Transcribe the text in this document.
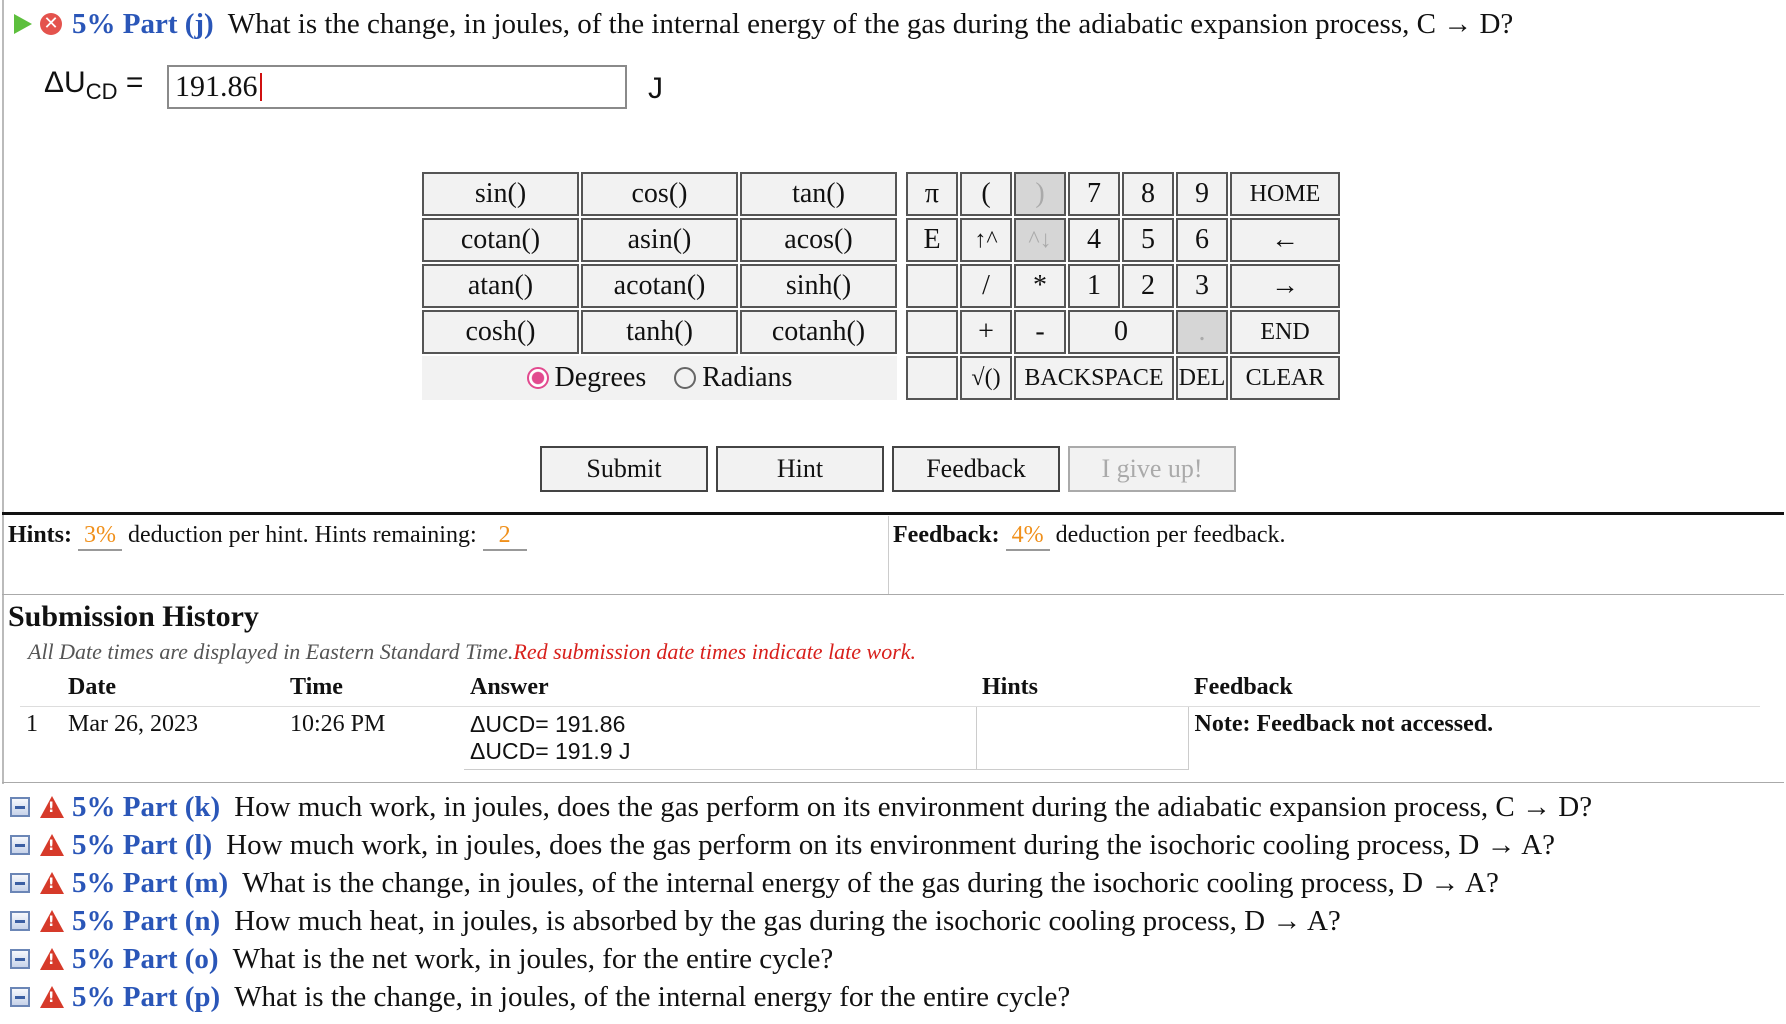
✕ 5% Part (j) What is the change, in joules, of the internal energy of the gas during the adiabatic expansion process, C → D?
$\Delta U_{CD} = 191.86$	J
sin()	cos()	tan()
cotan()	asin()	acos()
atan()	acotan()	sinh()
cosh()	tanh()	cotanh()
Degrees Radians		
π	(	)	7	8	9	HOME
E	↑^	^↓	4	5	6	←
	/	*	1	2	3	→
	+	-	0		.	END
	√()	BACKSPACE			DEL	CLEAR
Submit	Hint	Feedback	I give up!
Hints: 3% deduction per hint. Hints remaining: 2	Feedback: 4% deduction per feedback.
Submission History
All Date times are displayed in Eastern Standard Time.Red submission date times indicate late work.
	Date	Time	Answer	Hints	Feedback
1	Mar 26, 2023	10:26 PM	ΔUCD= 191.86
ΔUCD= 191.9 J		Note: Feedback not accessed.
!
5% Part (k) How much work, in joules, does the gas perform on its environment during the adiabatic expansion process, C → D?
!
5% Part (l) How much work, in joules, does the gas perform on its environment during the isochoric cooling process, D → A?
!
5% Part (m) What is the change, in joules, of the internal energy of the gas during the isochoric cooling process, D → A?
!
5% Part (n) How much heat, in joules, is absorbed by the gas during the isochoric cooling process, D → A?
!
5% Part (o) What is the net work, in joules, for the entire cycle?
!
5% Part (p) What is the change, in joules, of the internal energy for the entire cycle?
